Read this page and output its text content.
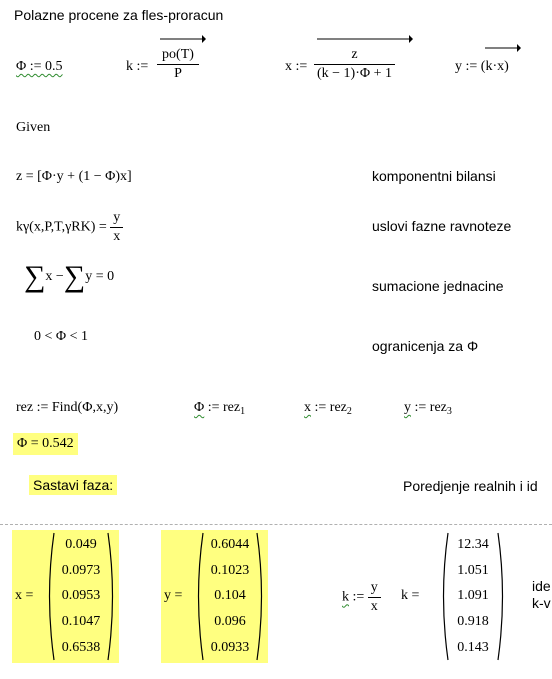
Polazne procene za fles-proracun
Φ := 0.5	k := $\frac{po(T)}{P}$	x := $\frac{z}{(k - 1)\cdot\Phi + 1}$	y := (k·x)
Given
z = [Φ·y + (1 − Φ)x]	komponentni bilansi
$k\gamma(x,P,T,\gamma RK) = \frac{y}{x}$	uslovi fazne ravnoteze
∑x −∑y = 0
sumacione jednacine
0 < Φ < 1
ogranicenja za Φ
rez := Find(Φ,x,y)	Φ := rez$_1$	x := rez$_2$	y := rez$_3$
Φ = 0.542
Sastavi faza:	Poredjenje realnih i id
x =
0.049
0.0973
0.0953
0.1047
0.6538
y =
0.6044
0.1023
0.104
0.096
0.0933
k := $\frac{y}{x}$ k =
12.34
1.051
1.091
0.918
0.143
ide
k-v
